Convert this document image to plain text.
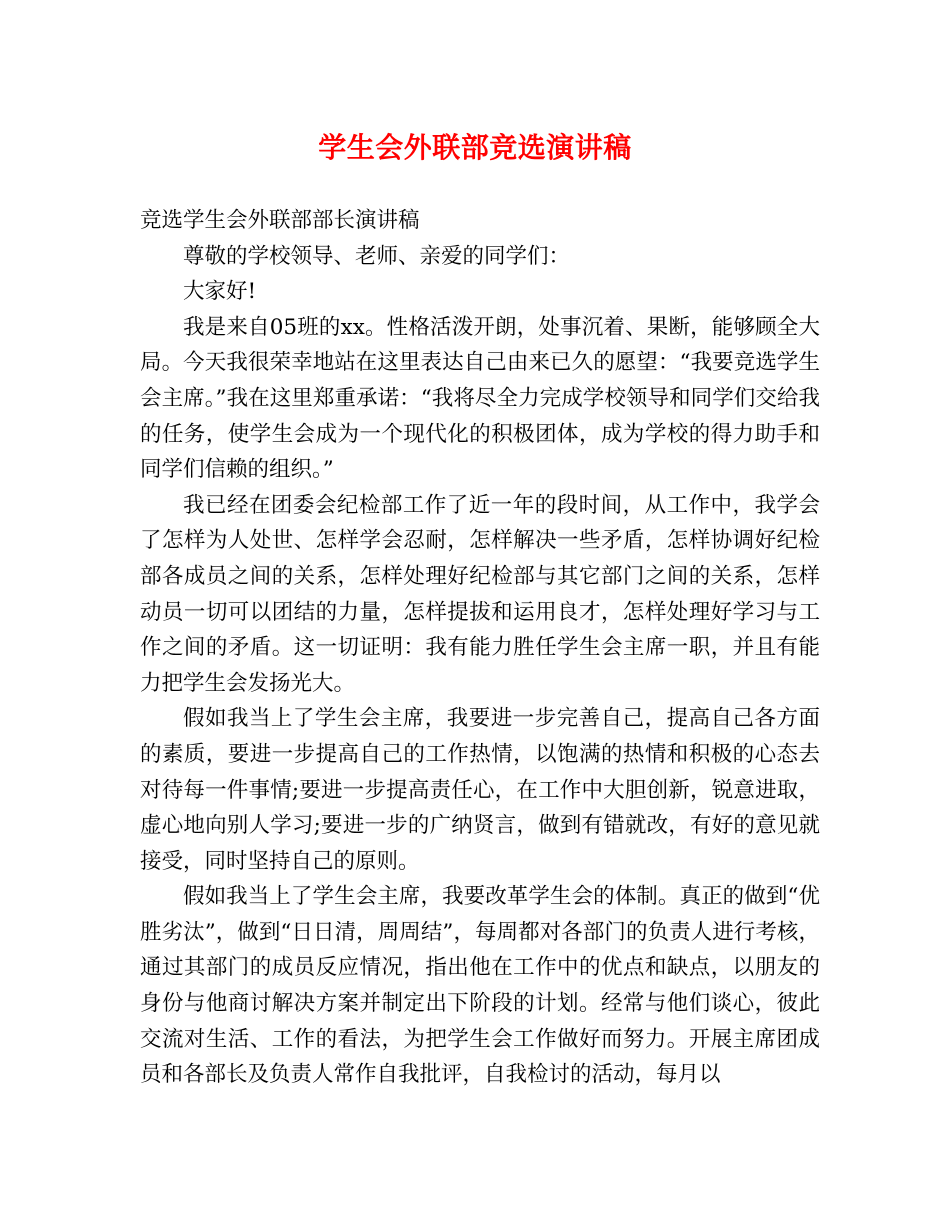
学生会外联部竞选演讲稿

竞选学生会外联部部长演讲稿

尊敬的学校领导、老师、亲爱的同学们：

大家好!

我是来自05班的xx。性格活泼开朗，处事沉着、果断，能够顾全大局。今天我很荣幸地站在这里表达自己由来已久的愿望：“我要竞选学生会主席。”我在这里郑重承诺：“我将尽全力完成学校领导和同学们交给我的任务，使学生会成为一个现代化的积极团体，成为学校的得力助手和同学们信赖的组织。”

我已经在团委会纪检部工作了近一年的段时间，从工作中，我学会了怎样为人处世、怎样学会忍耐，怎样解决一些矛盾，怎样协调好纪检部各成员之间的关系，怎样处理好纪检部与其它部门之间的关系，怎样动员一切可以团结的力量，怎样提拔和运用良才，怎样处理好学习与工作之间的矛盾。这一切证明：我有能力胜任学生会主席一职，并且有能力把学生会发扬光大。

假如我当上了学生会主席，我要进一步完善自己，提高自己各方面的素质，要进一步提高自己的工作热情，以饱满的热情和积极的心态去对待每一件事情;要进一步提高责任心，在工作中大胆创新，锐意进取，虚心地向别人学习;要进一步的广纳贤言，做到有错就改，有好的意见就接受，同时坚持自己的原则。

假如我当上了学生会主席，我要改革学生会的体制。真正的做到“优胜劣汰”，做到“日日清，周周结”，每周都对各部门的负责人进行考核，通过其部门的成员反应情况，指出他在工作中的优点和缺点，以朋友的身份与他商讨解决方案并制定出下阶段的计划。经常与他们谈心，彼此交流对生活、工作的看法，为把学生会工作做好而努力。开展主席团成员和各部长及负责人常作自我批评，自我检讨的活动，每月以
